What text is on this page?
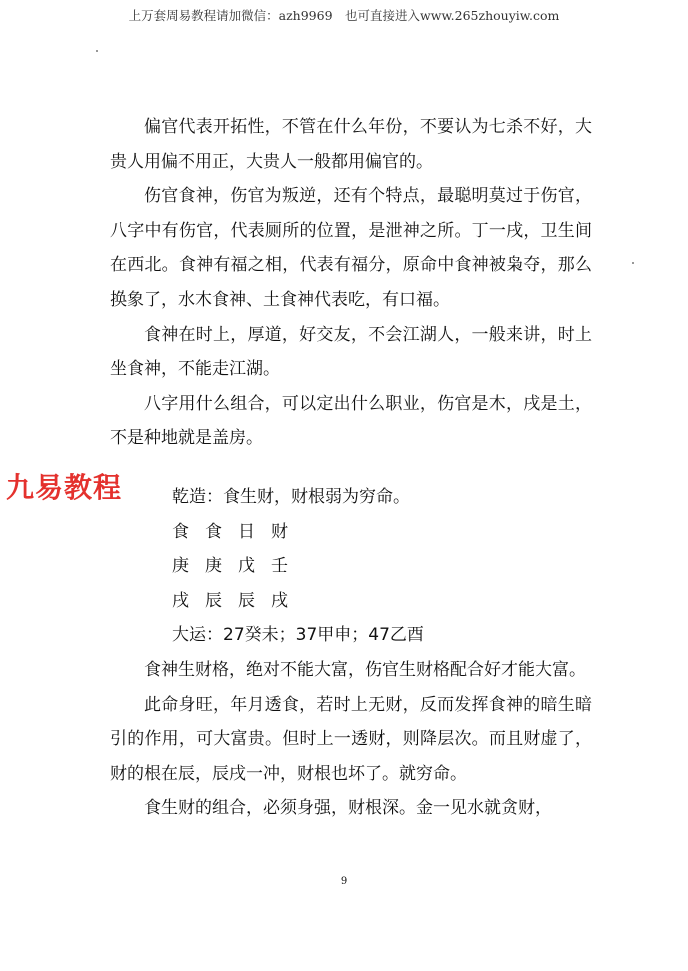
上万套周易教程请加微信：azh9969　也可直接进入www.265zhouyiw.com
九易教程

偏官代表开拓性，不管在什么年份，不要认为七杀不好，大贵人用偏不用正，大贵人一般都用偏官的。

伤官食神，伤官为叛逆，还有个特点，最聪明莫过于伤官，八字中有伤官，代表厕所的位置，是泄神之所。丁一戌，卫生间在西北。食神有福之相，代表有福分，原命中食神被枭夺，那么换象了，水木食神、土食神代表吃，有口福。

食神在时上，厚道，好交友，不会江湖人，一般来讲，时上坐食神，不能走江湖。

八字用什么组合，可以定出什么职业，伤官是木，戌是土，不是种地就是盖房。

乾造：食生财，财根弱为穷命。

食食日财

庚庚戊壬

戌辰辰戌

大运：27癸未；37甲申；47乙酉

食神生财格，绝对不能大富，伤官生财格配合好才能大富。

此命身旺，年月透食，若时上无财，反而发挥食神的暗生暗引的作用，可大富贵。但时上一透财，则降层次。而且财虚了，财的根在辰，辰戌一冲，财根也坏了。就穷命。

食生财的组合，必须身强，财根深。金一见水就贪财，

9
